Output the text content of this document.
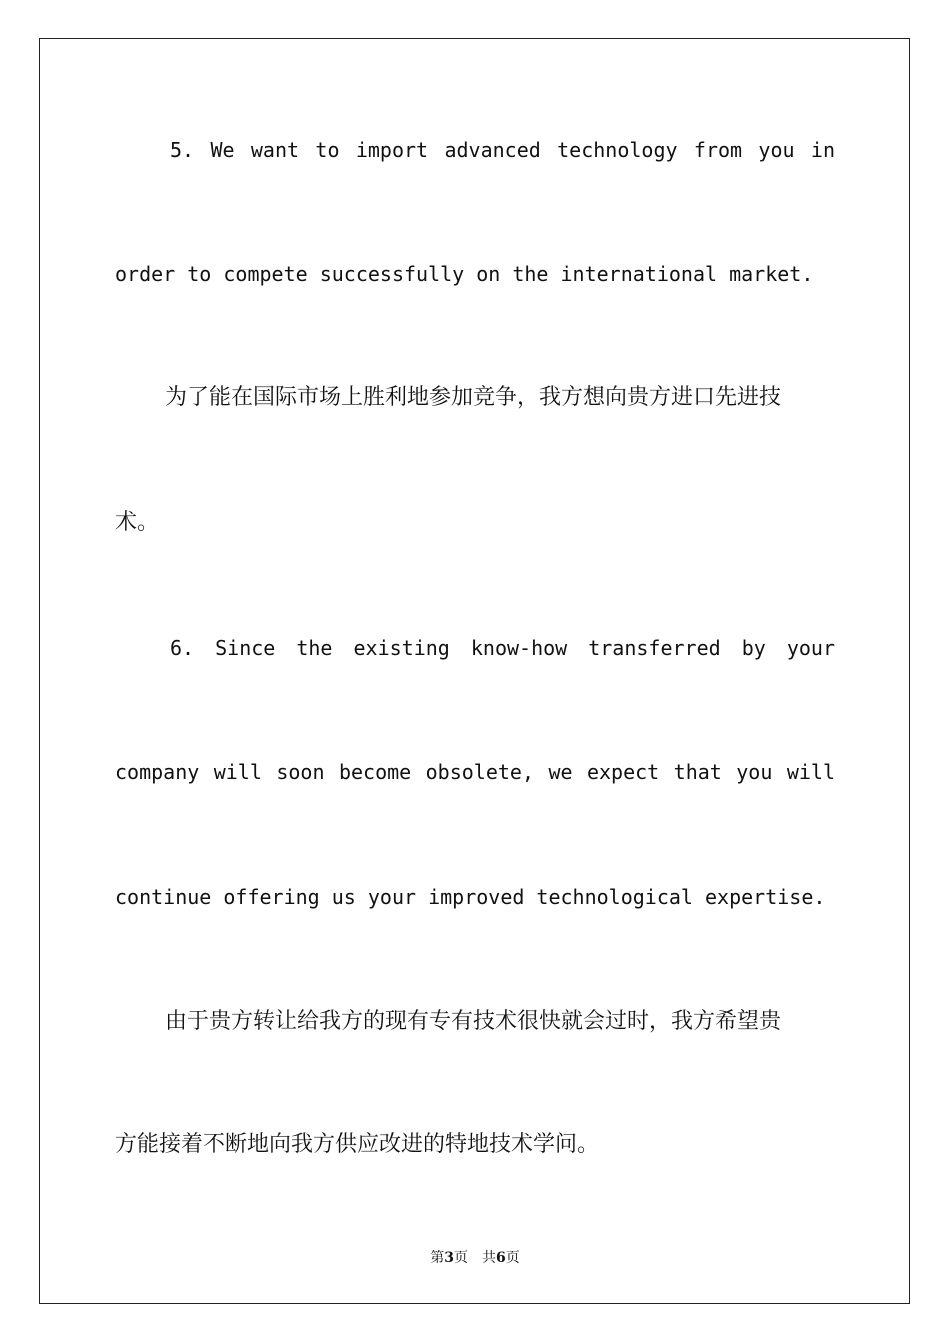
5. We want to import advanced technology from you in
order to compete successfully on the international market.
为了能在国际市场上胜利地参加竞争，我方想向贵方进口先进技
术。
6. Since the existing know-how transferred by your
company will soon become obsolete, we expect that you will
continue offering us your improved technological expertise.
由于贵方转让给我方的现有专有技术很快就会过时，我方希望贵
方能接着不断地向我方供应改进的特地技术学问。
第3页 共6页
